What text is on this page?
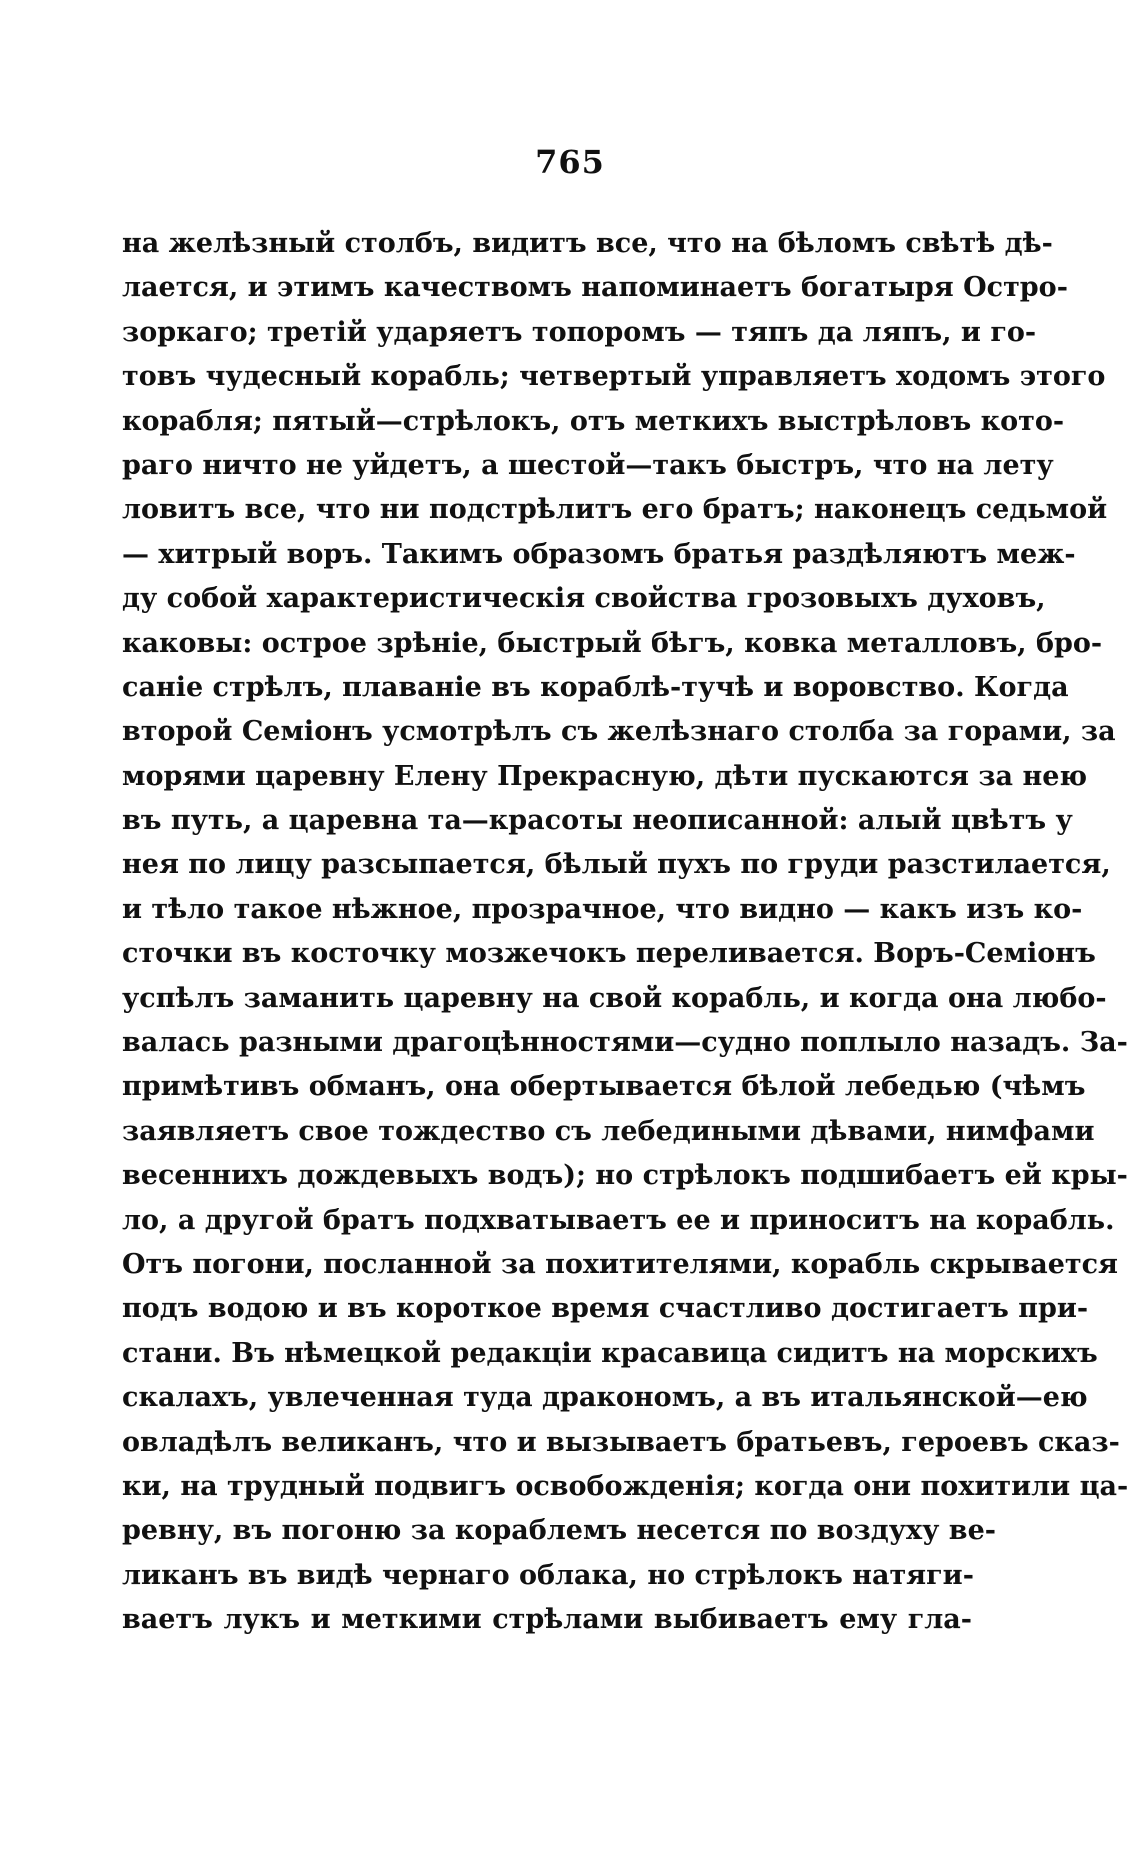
765
на желѣзный столбъ, видитъ все, что на бѣломъ свѣтѣ дѣ-
лается, и этимъ качествомъ напоминаетъ богатыря Остро-
зоркаго; третій ударяетъ топоромъ — тяпъ да ляпъ, и го-
товъ чудесный корабль; четвертый управляетъ ходомъ этого
корабля; пятый—стрѣлокъ, отъ меткихъ выстрѣловъ кото-
раго ничто не уйдетъ, а шестой—такъ быстръ, что на лету
ловитъ все, что ни подстрѣлитъ его братъ; наконецъ седьмой
— хитрый воръ. Такимъ образомъ братья раздѣляютъ меж-
ду собой характеристическія свойства грозовыхъ духовъ,
каковы: острое зрѣніе, быстрый бѣгъ, ковка металловъ, бро-
саніе стрѣлъ, плаваніе въ кораблѣ-тучѣ и воровство. Когда
второй Семіонъ усмотрѣлъ съ желѣзнаго столба за горами, за
морями царевну Елену Прекрасную, дѣти пускаются за нею
въ путь, а царевна та—красоты неописанной: алый цвѣтъ у
нея по лицу разсыпается, бѣлый пухъ по груди разстилается,
и тѣло такое нѣжное, прозрачное, что видно — какъ изъ ко-
сточки въ косточку мозжечокъ переливается. Воръ-Семіонъ
успѣлъ заманить царевну на свой корабль, и когда она любо-
валась разными драгоцѣнностями—судно поплыло назадъ. За-
примѣтивъ обманъ, она обертывается бѣлой лебедью (чѣмъ
заявляетъ свое тождество съ лебедиными дѣвами, нимфами
весеннихъ дождевыхъ водъ); но стрѣлокъ подшибаетъ ей кры-
ло, а другой братъ подхватываетъ ее и приноситъ на корабль.
Отъ погони, посланной за похитителями, корабль скрывается
подъ водою и въ короткое время счастливо достигаетъ при-
стани. Въ нѣмецкой редакціи красавица сидитъ на морскихъ
скалахъ, увлеченная туда дракономъ, а въ итальянской—ею
овладѣлъ великанъ, что и вызываетъ братьевъ, героевъ сказ-
ки, на трудный подвигъ освобожденія; когда они похитили ца-
ревну, въ погоню за кораблемъ несется по воздуху ве-
ликанъ въ видѣ чернаго облака, но стрѣлокъ натяги-
ваетъ лукъ и меткими стрѣлами выбиваетъ ему гла-
